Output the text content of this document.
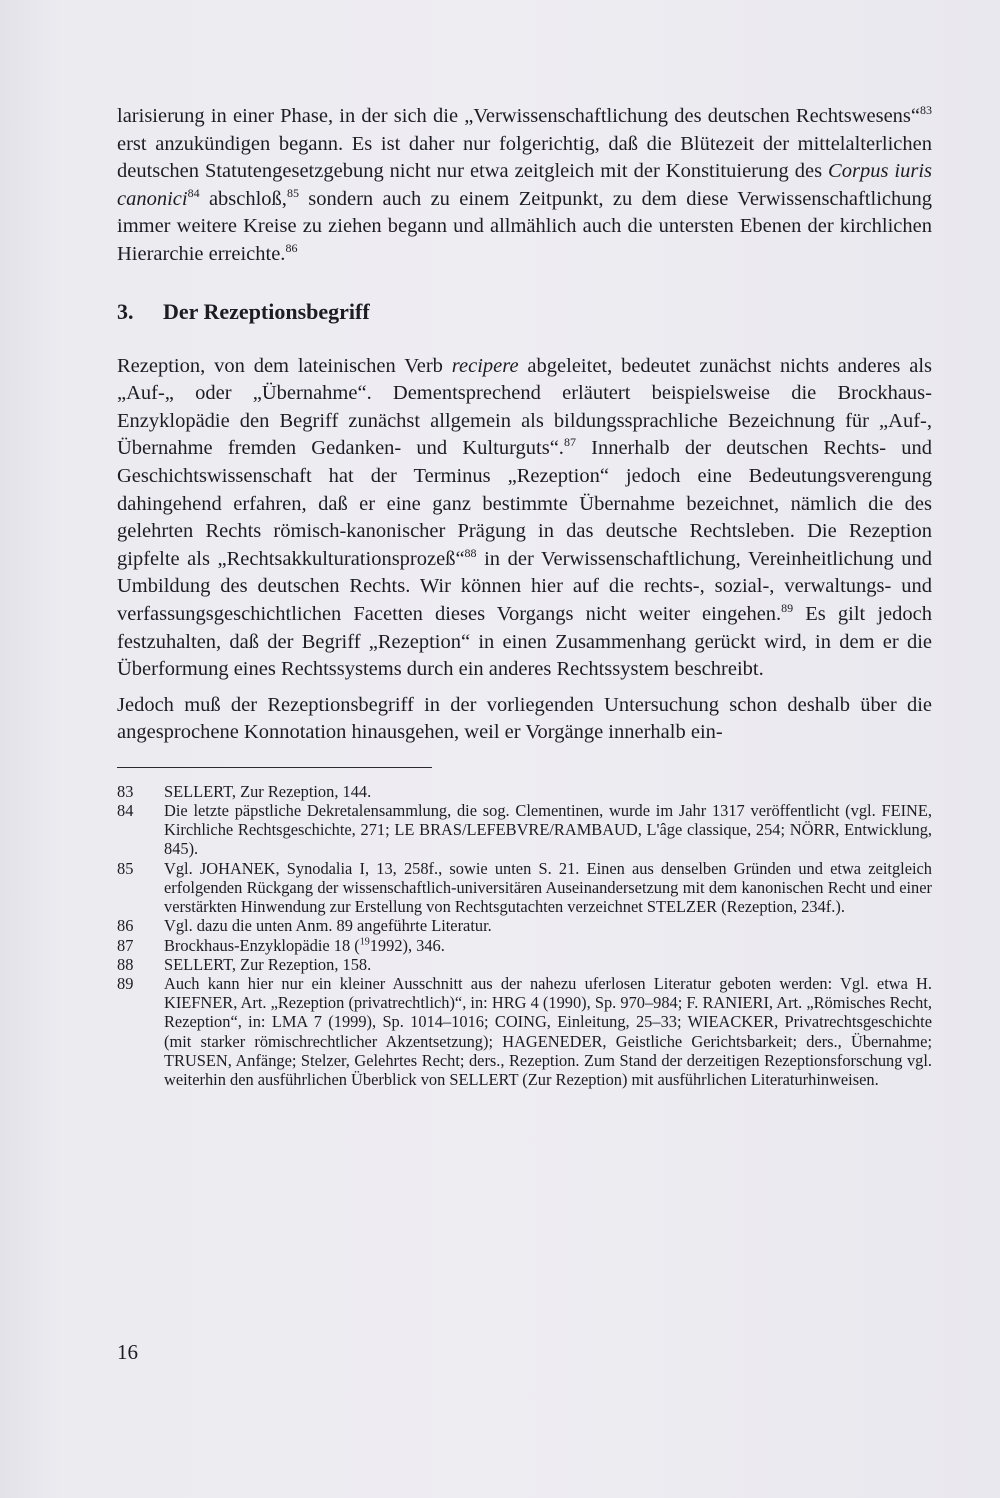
larisierung in einer Phase, in der sich die „Verwissenschaftlichung des deutschen Rechtswesens“$^{83}$ erst anzukündigen begann. Es ist daher nur folgerichtig, daß die Blütezeit der mittelalterlichen deutschen Statutengesetzgebung nicht nur etwa zeitgleich mit der Konstituierung des Corpus iuris canonici$^{84}$ abschloß,$^{85}$ sondern auch zu einem Zeitpunkt, zu dem diese Verwissenschaftlichung immer weitere Kreise zu ziehen begann und allmählich auch die untersten Ebenen der kirchlichen Hierarchie erreichte.$^{86}$

3. Der Rezeptionsbegriff

Rezeption, von dem lateinischen Verb recipere abgeleitet, bedeutet zunächst nichts anderes als „Auf-„ oder „Übernahme“. Dementsprechend erläutert beispielsweise die Brockhaus-Enzyklopädie den Begriff zunächst allgemein als bildungssprachliche Bezeichnung für „Auf-, Übernahme fremden Gedanken- und Kulturguts“.$^{87}$ Innerhalb der deutschen Rechts- und Geschichtswissenschaft hat der Terminus „Rezeption“ jedoch eine Bedeutungsverengung dahingehend erfahren, daß er eine ganz bestimmte Übernahme bezeichnet, nämlich die des gelehrten Rechts römisch-kanonischer Prägung in das deutsche Rechtsleben. Die Rezeption gipfelte als „Rechtsakkulturationsprozeß“$^{88}$ in der Verwissenschaftlichung, Vereinheitlichung und Umbildung des deutschen Rechts. Wir können hier auf die rechts-, sozial-, verwaltungs- und verfassungsgeschichtlichen Facetten dieses Vorgangs nicht weiter eingehen.$^{89}$ Es gilt jedoch festzuhalten, daß der Begriff „Rezeption“ in einen Zusammenhang gerückt wird, in dem er die Überformung eines Rechtssystems durch ein anderes Rechtssystem beschreibt.

Jedoch muß der Rezeptionsbegriff in der vorliegenden Untersuchung schon deshalb über die angesprochene Konnotation hinausgehen, weil er Vorgänge innerhalb ein-

83	SELLERT, Zur Rezeption, 144.
84	Die letzte päpstliche Dekretalensammlung, die sog. Clementinen, wurde im Jahr 1317 veröffentlicht (vgl. FEINE, Kirchliche Rechtsgeschichte, 271; LE BRAS/LEFEBVRE/RAMBAUD, L'âge classique, 254; NÖRR, Entwicklung, 845).
85	Vgl. JOHANEK, Synodalia I, 13, 258f., sowie unten S. 21. Einen aus denselben Gründen und etwa zeitgleich erfolgenden Rückgang der wissenschaftlich-universitären Auseinandersetzung mit dem kanonischen Recht und einer verstärkten Hinwendung zur Erstellung von Rechtsgutachten verzeichnet STELZER (Rezeption, 234f.).
86	Vgl. dazu die unten Anm. 89 angeführte Literatur.
87	Brockhaus-Enzyklopädie 18 ($^{19}$1992), 346.
88	SELLERT, Zur Rezeption, 158.
89	Auch kann hier nur ein kleiner Ausschnitt aus der nahezu uferlosen Literatur geboten werden: Vgl. etwa H. KIEFNER, Art. „Rezeption (privatrechtlich)“, in: HRG 4 (1990), Sp. 970–984; F. RANIERI, Art. „Römisches Recht, Rezeption“, in: LMA 7 (1999), Sp. 1014–1016; COING, Einleitung, 25–33; WIEACKER, Privatrechtsgeschichte (mit starker römischrechtlicher Akzentsetzung); HAGENEDER, Geistliche Gerichtsbarkeit; ders., Übernahme; TRUSEN, Anfänge; Stelzer, Gelehrtes Recht; ders., Rezeption. Zum Stand der derzeitigen Rezeptionsforschung vgl. weiterhin den ausführlichen Überblick von SELLERT (Zur Rezeption) mit ausführlichen Literaturhinweisen.
16
